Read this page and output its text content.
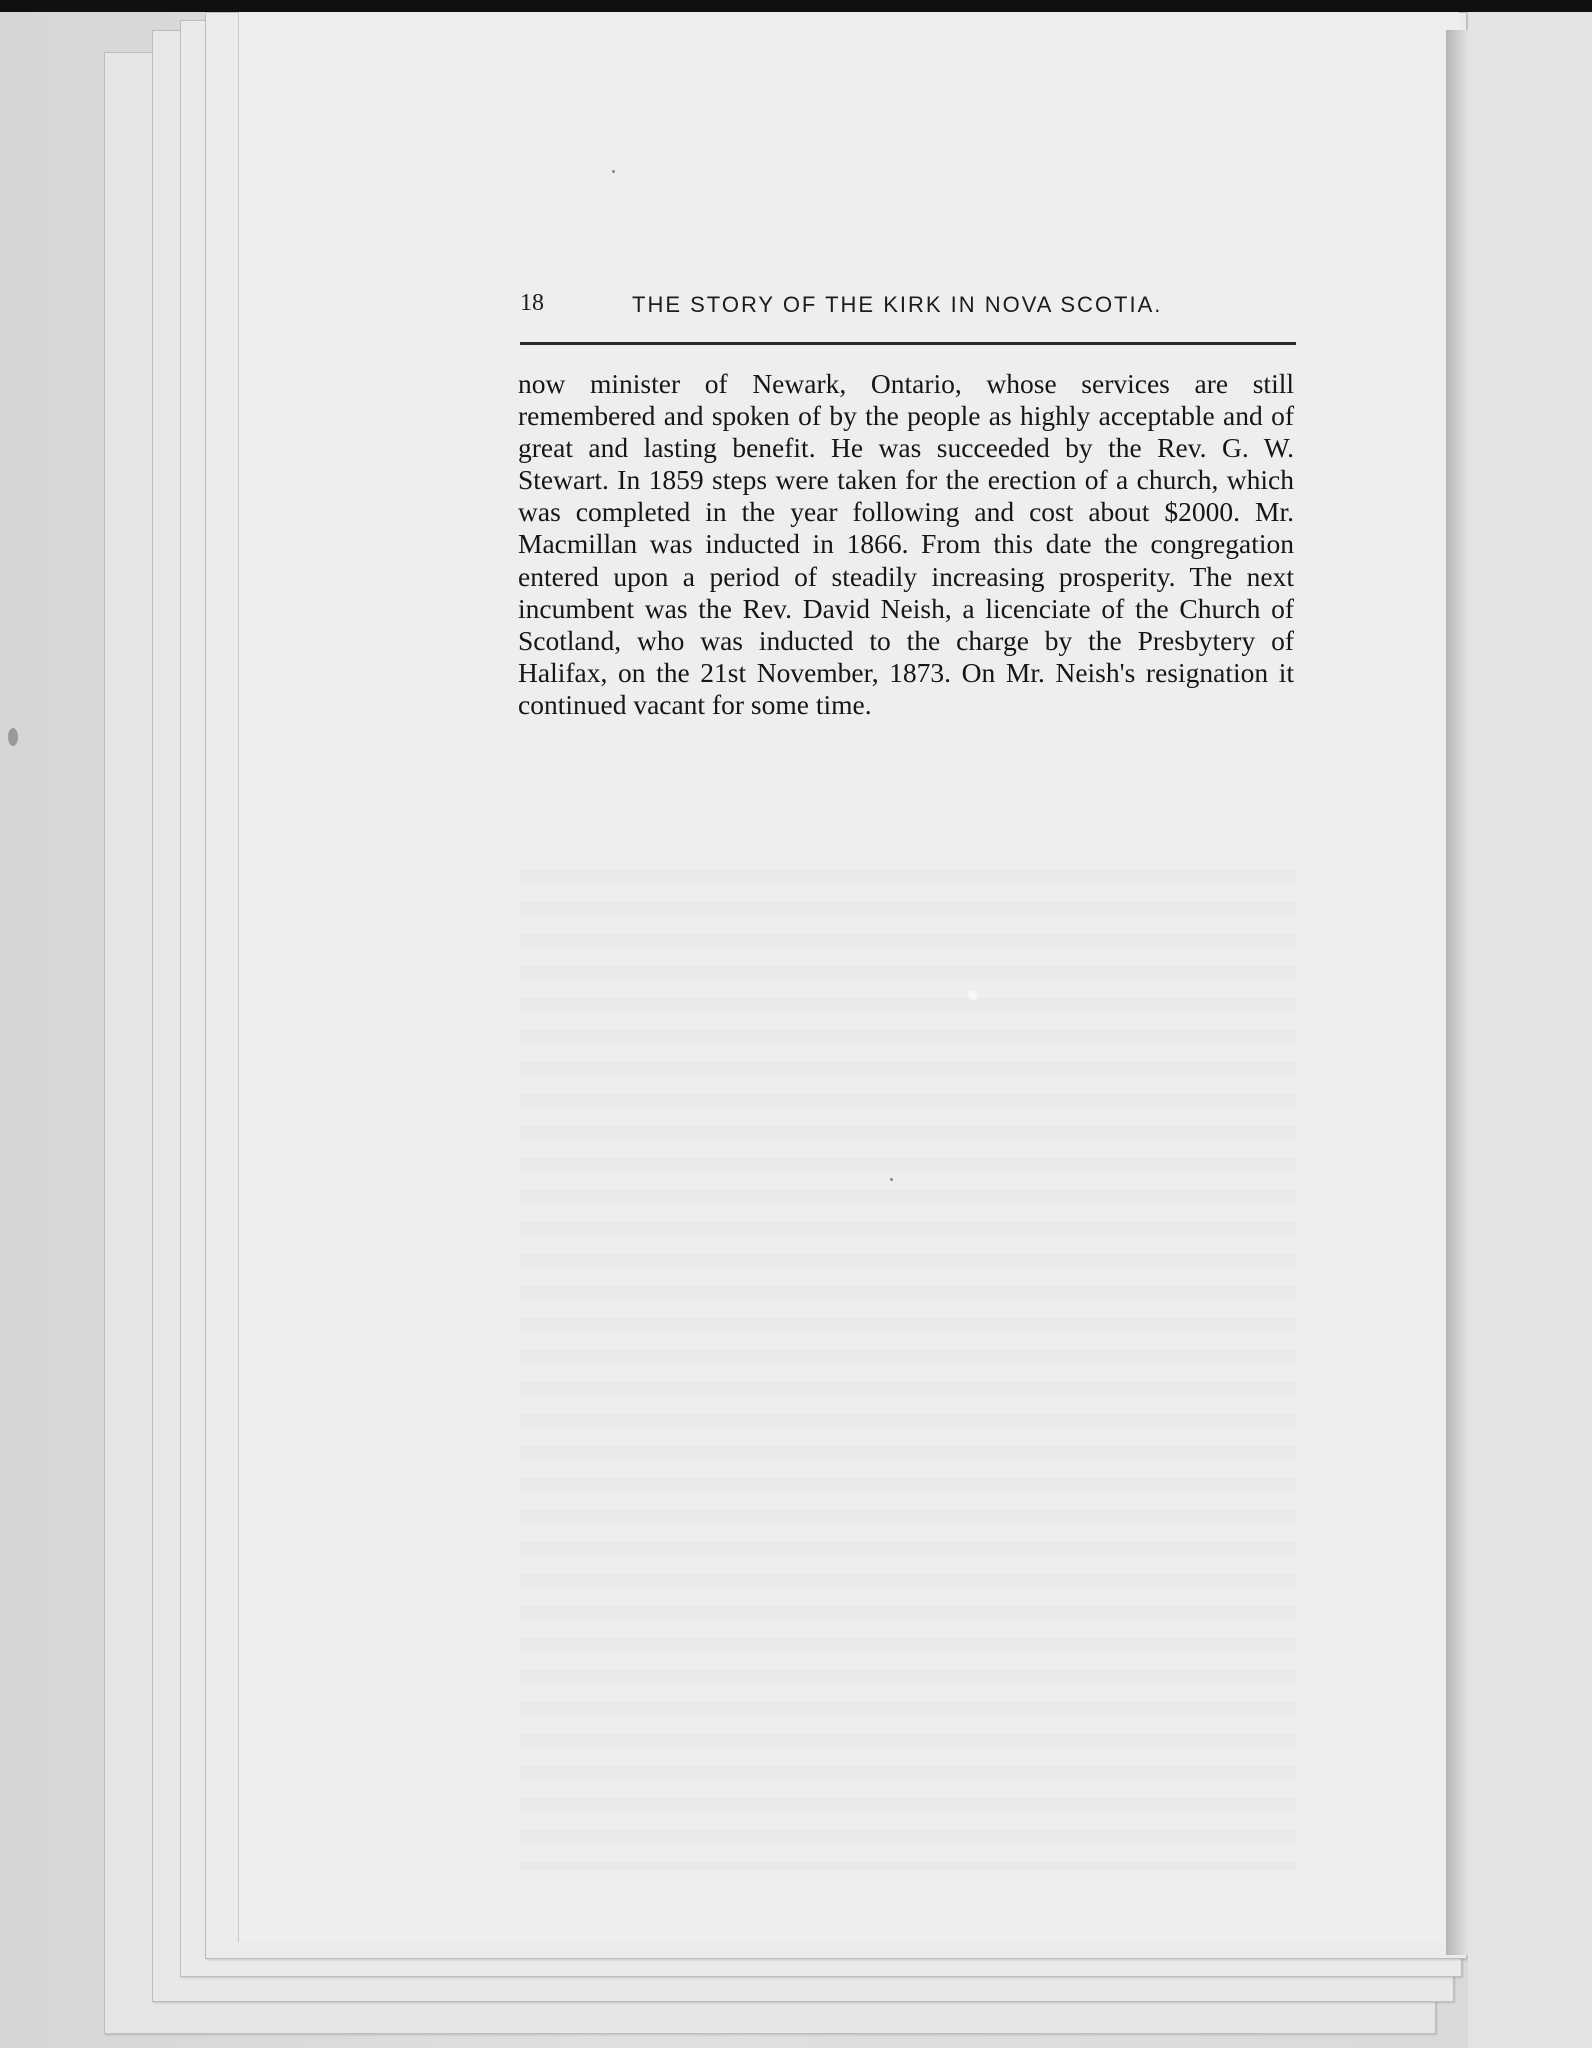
18	THE STORY OF THE KIRK IN NOVA SCOTIA.

now minister of Newark, Ontario, whose services are still remembered and spoken of by the people as highly acceptable and of great and lasting benefit. He was succeeded by the Rev. G. W. Stewart. In 1859 steps were taken for the erection of a church, which was completed in the year following and cost about $2000. Mr. Macmillan was inducted in 1866. From this date the congregation entered upon a period of steadily increasing prosperity. The next incumbent was the Rev. David Neish, a licenciate of the Church of Scotland, who was inducted to the charge by the Presbytery of Halifax, on the 21st November, 1873. On Mr. Neish's resignation it continued vacant for some time.
